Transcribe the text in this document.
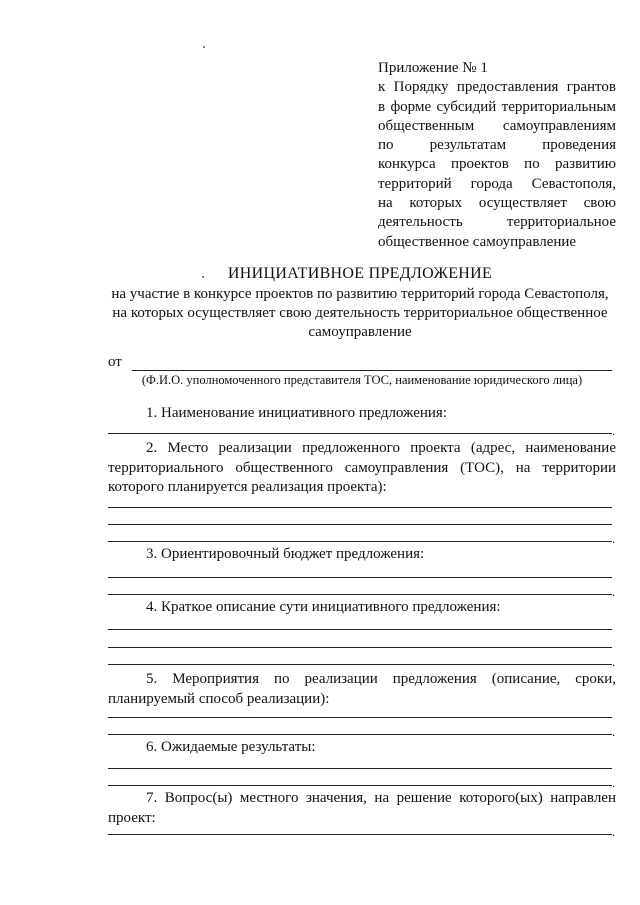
Приложение № 1
к Порядку предоставления грантов
в форме субсидий территориальным
общественным самоуправлениям
по результатам проведения
конкурса проектов по развитию
территорий города Севастополя,
на которых осуществляет свою
деятельность территориальное
общественное самоуправление
ИНИЦИАТИВНОЕ ПРЕДЛОЖЕНИЕ
на участие в конкурсе проектов по развитию территорий города Севастополя,
на которых осуществляет свою деятельность территориальное общественное
самоуправление
от
(Ф.И.О. уполномоченного представителя ТОС, наименование юридического лица)
1. Наименование инициативного предложения:
.
2. Место реализации предложенного проекта (адрес, наименование
территориального общественного самоуправления (ТОС), на территории
которого планируется реализация проекта):
.
3. Ориентировочный бюджет предложения:
.
4. Краткое описание сути инициативного предложения:
.
5. Мероприятия по реализации предложения (описание, сроки,
планируемый способ реализации):
.
6. Ожидаемые результаты:
.
7. Вопрос(ы) местного значения, на решение которого(ых) направлен
проект:
.
